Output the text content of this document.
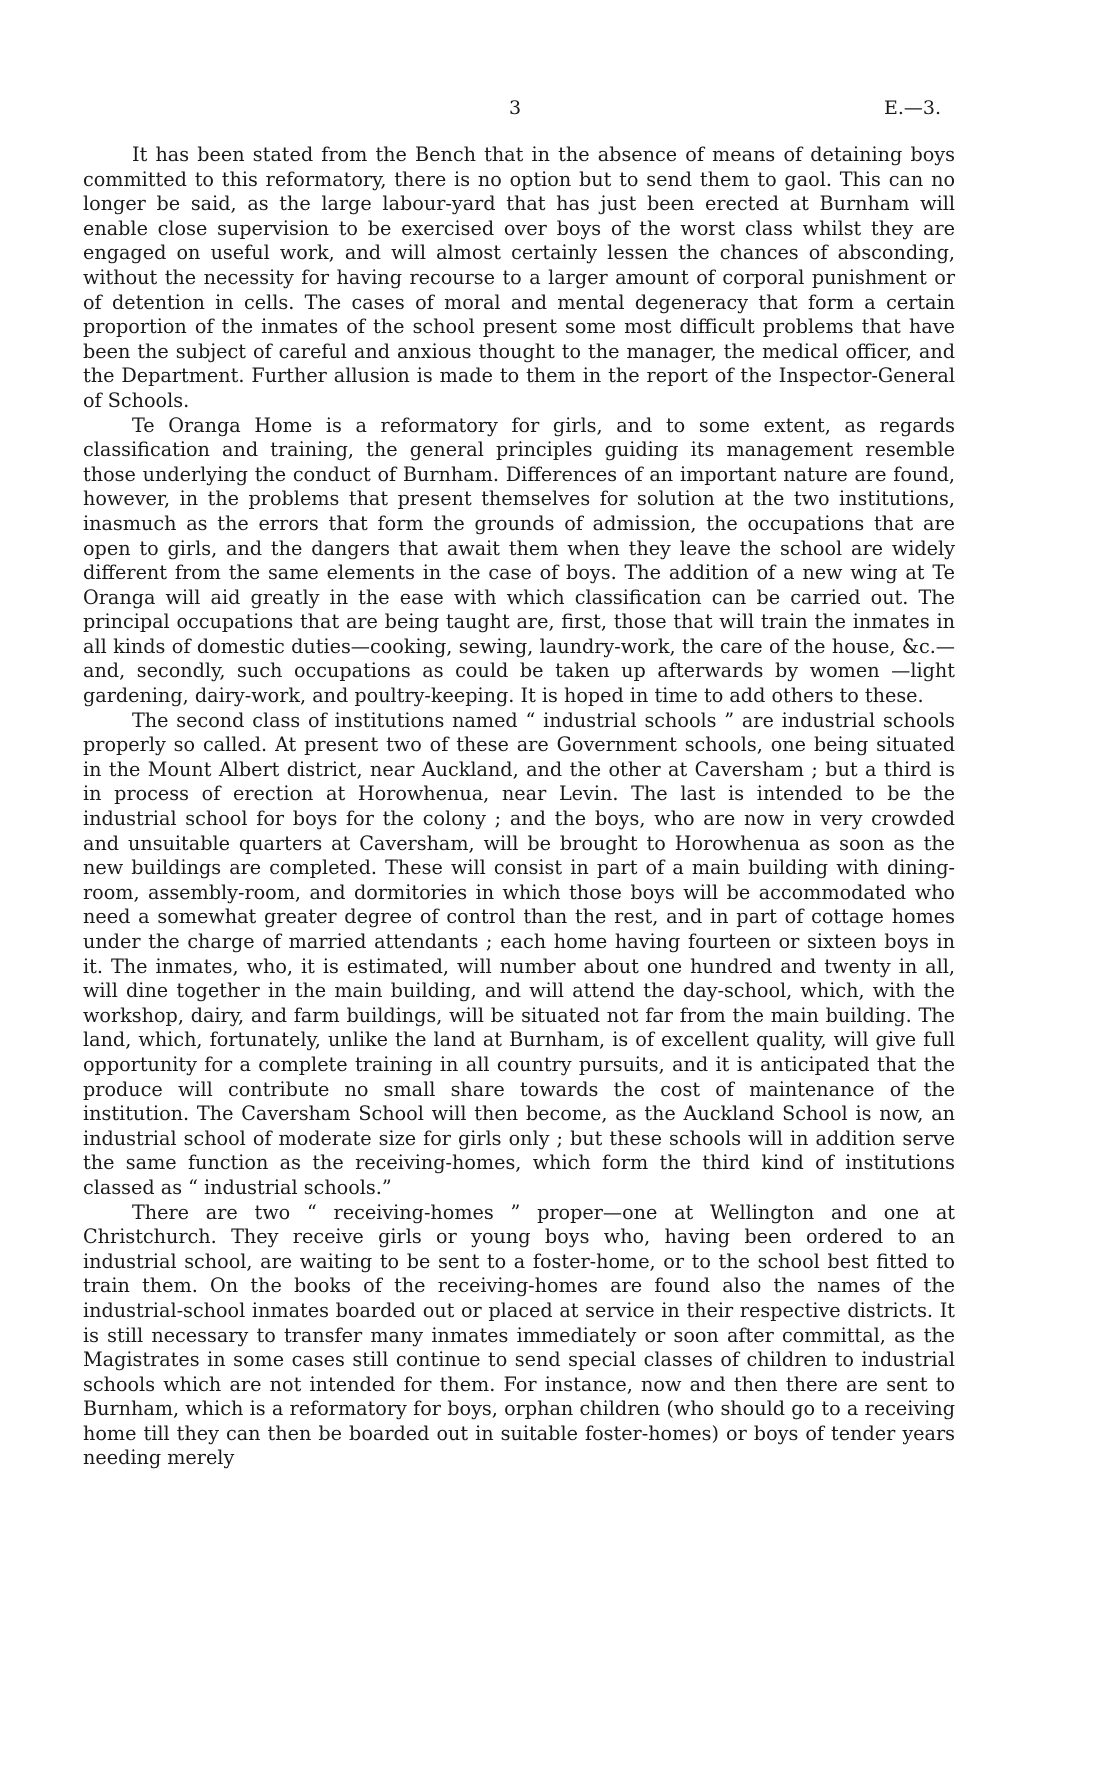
3	E.—3.

It has been stated from the Bench that in the absence of means of detaining boys committed to this reformatory, there is no option but to send them to gaol. This can no longer be said, as the large labour-yard that has just been erected at Burnham will enable close supervision to be exercised over boys of the worst class whilst they are engaged on useful work, and will almost certainly lessen the chances of absconding, without the necessity for having recourse to a larger amount of corporal punishment or of detention in cells. The cases of moral and mental degeneracy that form a certain proportion of the inmates of the school present some most difficult problems that have been the subject of careful and anxious thought to the manager, the medical officer, and the Department. Further allusion is made to them in the report of the Inspector-General of Schools.

Te Oranga Home is a reformatory for girls, and to some extent, as regards classification and training, the general principles guiding its management resemble those underlying the conduct of Burnham. Differences of an important nature are found, however, in the problems that present themselves for solution at the two institutions, inasmuch as the errors that form the grounds of admission, the occupations that are open to girls, and the dangers that await them when they leave the school are widely different from the same elements in the case of boys. The addition of a new wing at Te Oranga will aid greatly in the ease with which classification can be carried out. The principal occupations that are being taught are, first, those that will train the inmates in all kinds of domestic duties—cooking, sewing, laundry-work, the care of the house, &c.—and, secondly, such occupations as could be taken up afterwards by women —light gardening, dairy-work, and poultry-keeping. It is hoped in time to add others to these.

The second class of institutions named “ industrial schools ” are industrial schools properly so called. At present two of these are Government schools, one being situated in the Mount Albert district, near Auckland, and the other at Caversham ; but a third is in process of erection at Horowhenua, near Levin. The last is intended to be the industrial school for boys for the colony ; and the boys, who are now in very crowded and unsuitable quarters at Caversham, will be brought to Horowhenua as soon as the new buildings are completed. These will consist in part of a main building with dining-room, assembly-room, and dormitories in which those boys will be accommodated who need a somewhat greater degree of control than the rest, and in part of cottage homes under the charge of married attendants ; each home having fourteen or sixteen boys in it. The inmates, who, it is estimated, will number about one hundred and twenty in all, will dine together in the main building, and will attend the day-school, which, with the workshop, dairy, and farm buildings, will be situated not far from the main building. The land, which, fortunately, unlike the land at Burnham, is of excellent quality, will give full opportunity for a complete training in all country pursuits, and it is anticipated that the produce will contribute no small share towards the cost of maintenance of the institution. The Caversham School will then become, as the Auckland School is now, an industrial school of moderate size for girls only ; but these schools will in addition serve the same function as the receiving-homes, which form the third kind of institutions classed as “ industrial schools.”

There are two “ receiving-homes ” proper—one at Wellington and one at Christchurch. They receive girls or young boys who, having been ordered to an industrial school, are waiting to be sent to a foster-home, or to the school best fitted to train them. On the books of the receiving-homes are found also the names of the industrial-school inmates boarded out or placed at service in their respective districts. It is still necessary to transfer many inmates immediately or soon after committal, as the Magistrates in some cases still continue to send special classes of children to industrial schools which are not intended for them. For instance, now and then there are sent to Burnham, which is a reformatory for boys, orphan children (who should go to a receiving home till they can then be boarded out in suitable foster-homes) or boys of tender years needing merely
